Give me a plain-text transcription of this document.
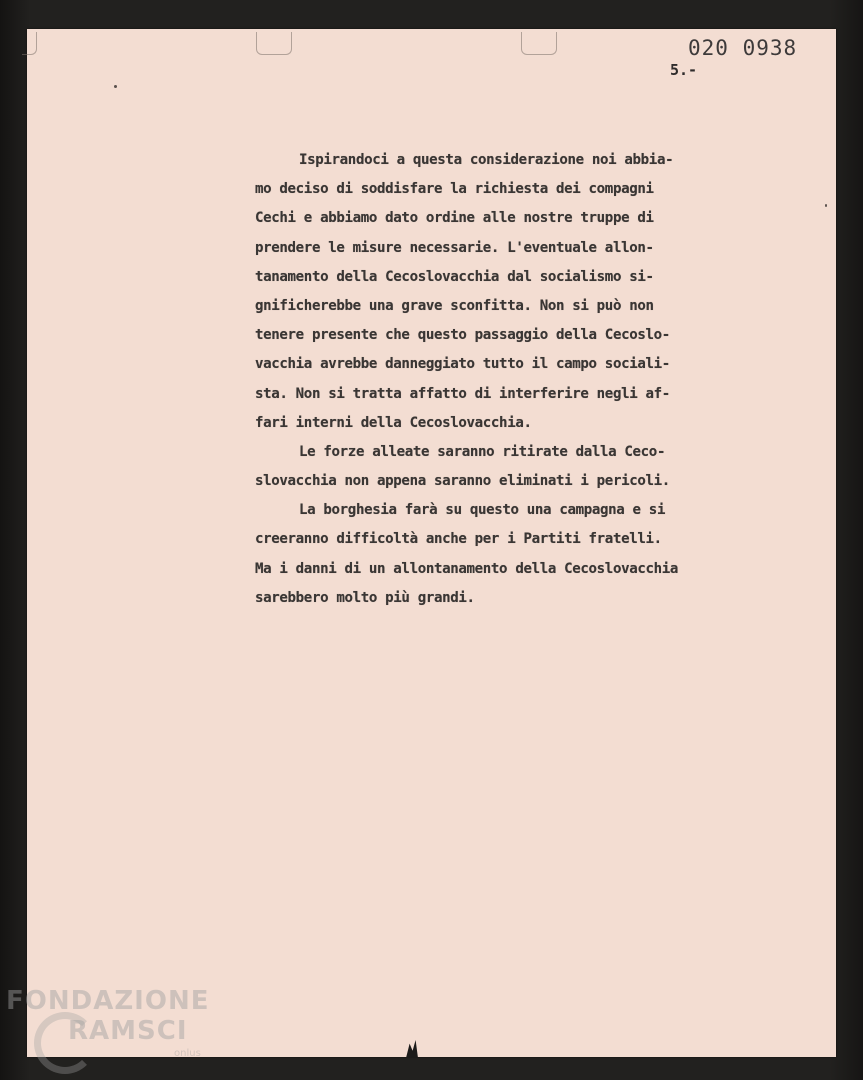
020 0938
5.-
Ispirandoci a questa considerazione noi abbia-
mo deciso di soddisfare la richiesta dei compagni
Cechi e abbiamo dato ordine alle nostre truppe di
prendere le misure necessarie. L'eventuale allon-
tanamento della Cecoslovacchia dal socialismo si-
gnificherebbe una grave sconfitta. Non si può non
tenere presente che questo passaggio della Cecoslo-
vacchia avrebbe danneggiato tutto il campo sociali-
sta. Non si tratta affatto di interferire negli af-
fari interni della Cecoslovacchia.
Le forze alleate saranno ritirate dalla Ceco-
slovacchia non appena saranno eliminati i pericoli.
La borghesia farà su questo una campagna e si
creeranno difficoltà anche per i Partiti fratelli.
Ma i danni di un allontanamento della Cecoslovacchia
sarebbero molto più grandi.
FONDAZIONE
RAMSCI
onlus
